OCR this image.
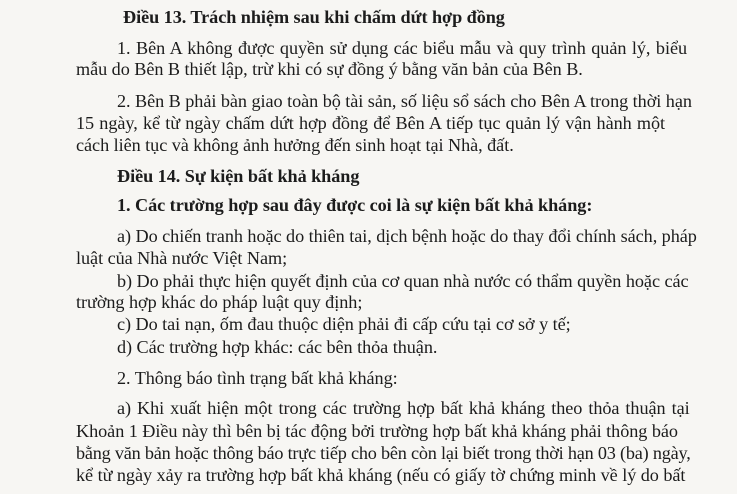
Điều 13. Trách nhiệm sau khi chấm dứt hợp đồng
1. Bên A không được quyền sử dụng các biểu mẫu và quy trình quản lý, biểu
mẫu do Bên B thiết lập, trừ khi có sự đồng ý bằng văn bản của Bên B.
2. Bên B phải bàn giao toàn bộ tài sản, số liệu sổ sách cho Bên A trong thời hạn
15 ngày, kể từ ngày chấm dứt hợp đồng để Bên A tiếp tục quản lý vận hành một
cách liên tục và không ảnh hưởng đến sinh hoạt tại Nhà, đất.
Điều 14. Sự kiện bất khả kháng
1. Các trường hợp sau đây được coi là sự kiện bất khả kháng:
a) Do chiến tranh hoặc do thiên tai, dịch bệnh hoặc do thay đổi chính sách, pháp
luật của Nhà nước Việt Nam;
b) Do phải thực hiện quyết định của cơ quan nhà nước có thẩm quyền hoặc các
trường hợp khác do pháp luật quy định;
c) Do tai nạn, ốm đau thuộc diện phải đi cấp cứu tại cơ sở y tế;
d) Các trường hợp khác: các bên thỏa thuận.
2. Thông báo tình trạng bất khả kháng:
a) Khi xuất hiện một trong các trường hợp bất khả kháng theo thỏa thuận tại
Khoản 1 Điều này thì bên bị tác động bởi trường hợp bất khả kháng phải thông báo
bằng văn bản hoặc thông báo trực tiếp cho bên còn lại biết trong thời hạn 03 (ba) ngày,
kể từ ngày xảy ra trường hợp bất khả kháng (nếu có giấy tờ chứng minh về lý do bất
